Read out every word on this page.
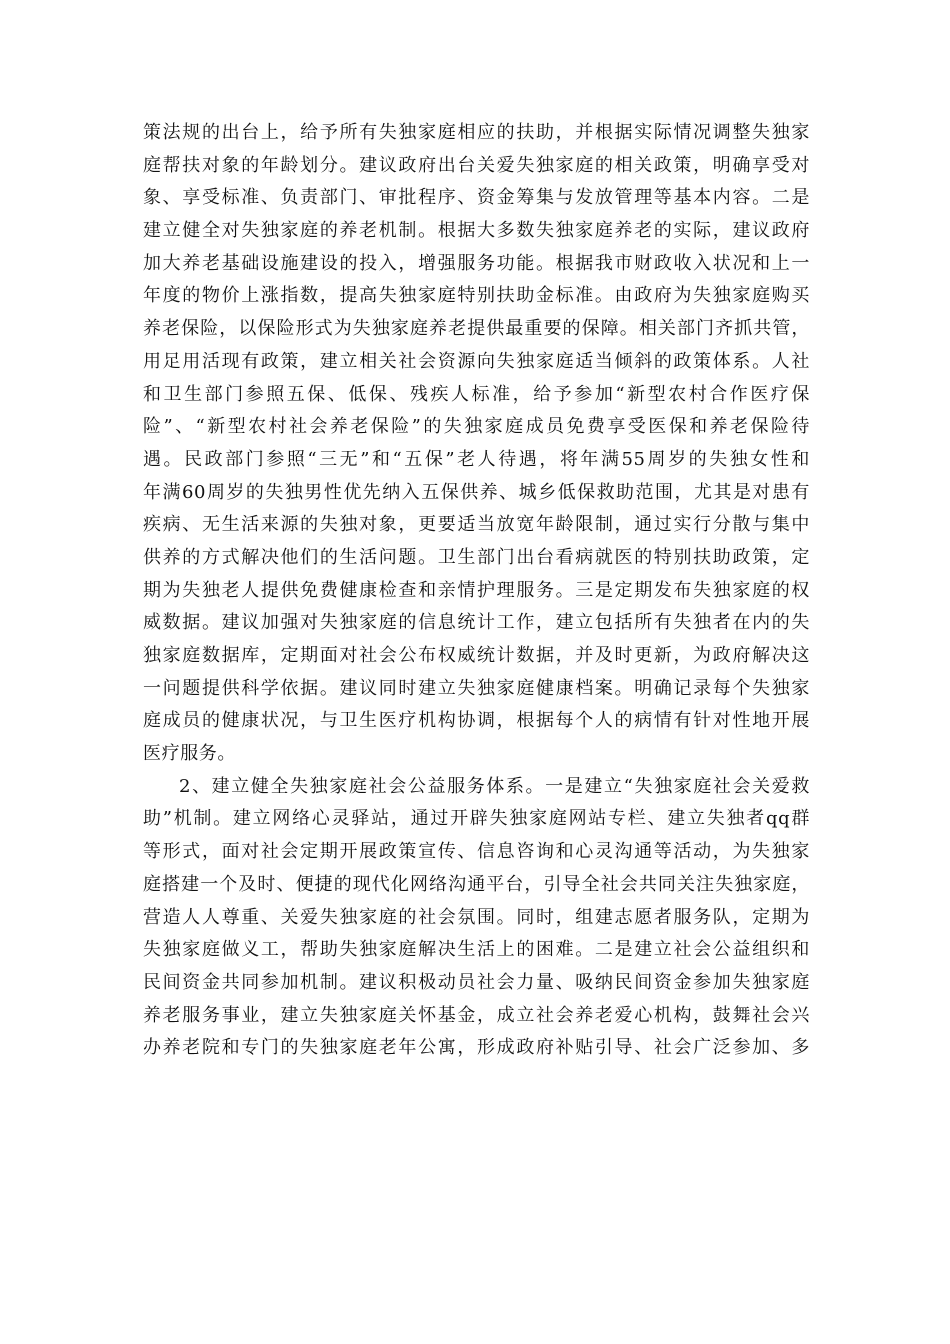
策法规的出台上，给予所有失独家庭相应的扶助，并根据实际情况调整失独家
庭帮扶对象的年龄划分。建议政府出台关爱失独家庭的相关政策，明确享受对
象、享受标准、负责部门、审批程序、资金筹集与发放管理等基本内容。二是
建立健全对失独家庭的养老机制。根据大多数失独家庭养老的实际，建议政府
加大养老基础设施建设的投入，增强服务功能。根据我市财政收入状况和上一
年度的物价上涨指数，提高失独家庭特别扶助金标准。由政府为失独家庭购买
养老保险，以保险形式为失独家庭养老提供最重要的保障。相关部门齐抓共管，
用足用活现有政策，建立相关社会资源向失独家庭适当倾斜的政策体系。人社
和卫生部门参照五保、低保、残疾人标准，给予参加“新型农村合作医疗保
险”、“新型农村社会养老保险”的失独家庭成员免费享受医保和养老保险待
遇。民政部门参照“三无”和“五保”老人待遇，将年满55周岁的失独女性和
年满60周岁的失独男性优先纳入五保供养、城乡低保救助范围，尤其是对患有
疾病、无生活来源的失独对象，更要适当放宽年龄限制，通过实行分散与集中
供养的方式解决他们的生活问题。卫生部门出台看病就医的特别扶助政策，定
期为失独老人提供免费健康检查和亲情护理服务。三是定期发布失独家庭的权
威数据。建议加强对失独家庭的信息统计工作，建立包括所有失独者在内的失
独家庭数据库，定期面对社会公布权威统计数据，并及时更新，为政府解决这
一问题提供科学依据。建议同时建立失独家庭健康档案。明确记录每个失独家
庭成员的健康状况，与卫生医疗机构协调，根据每个人的病情有针对性地开展
医疗服务。
2、建立健全失独家庭社会公益服务体系。一是建立“失独家庭社会关爱救
助”机制。建立网络心灵驿站，通过开辟失独家庭网站专栏、建立失独者qq群
等形式，面对社会定期开展政策宣传、信息咨询和心灵沟通等活动，为失独家
庭搭建一个及时、便捷的现代化网络沟通平台，引导全社会共同关注失独家庭，
营造人人尊重、关爱失独家庭的社会氛围。同时，组建志愿者服务队，定期为
失独家庭做义工，帮助失独家庭解决生活上的困难。二是建立社会公益组织和
民间资金共同参加机制。建议积极动员社会力量、吸纳民间资金参加失独家庭
养老服务事业，建立失独家庭关怀基金，成立社会养老爱心机构，鼓舞社会兴
办养老院和专门的失独家庭老年公寓，形成政府补贴引导、社会广泛参加、多
